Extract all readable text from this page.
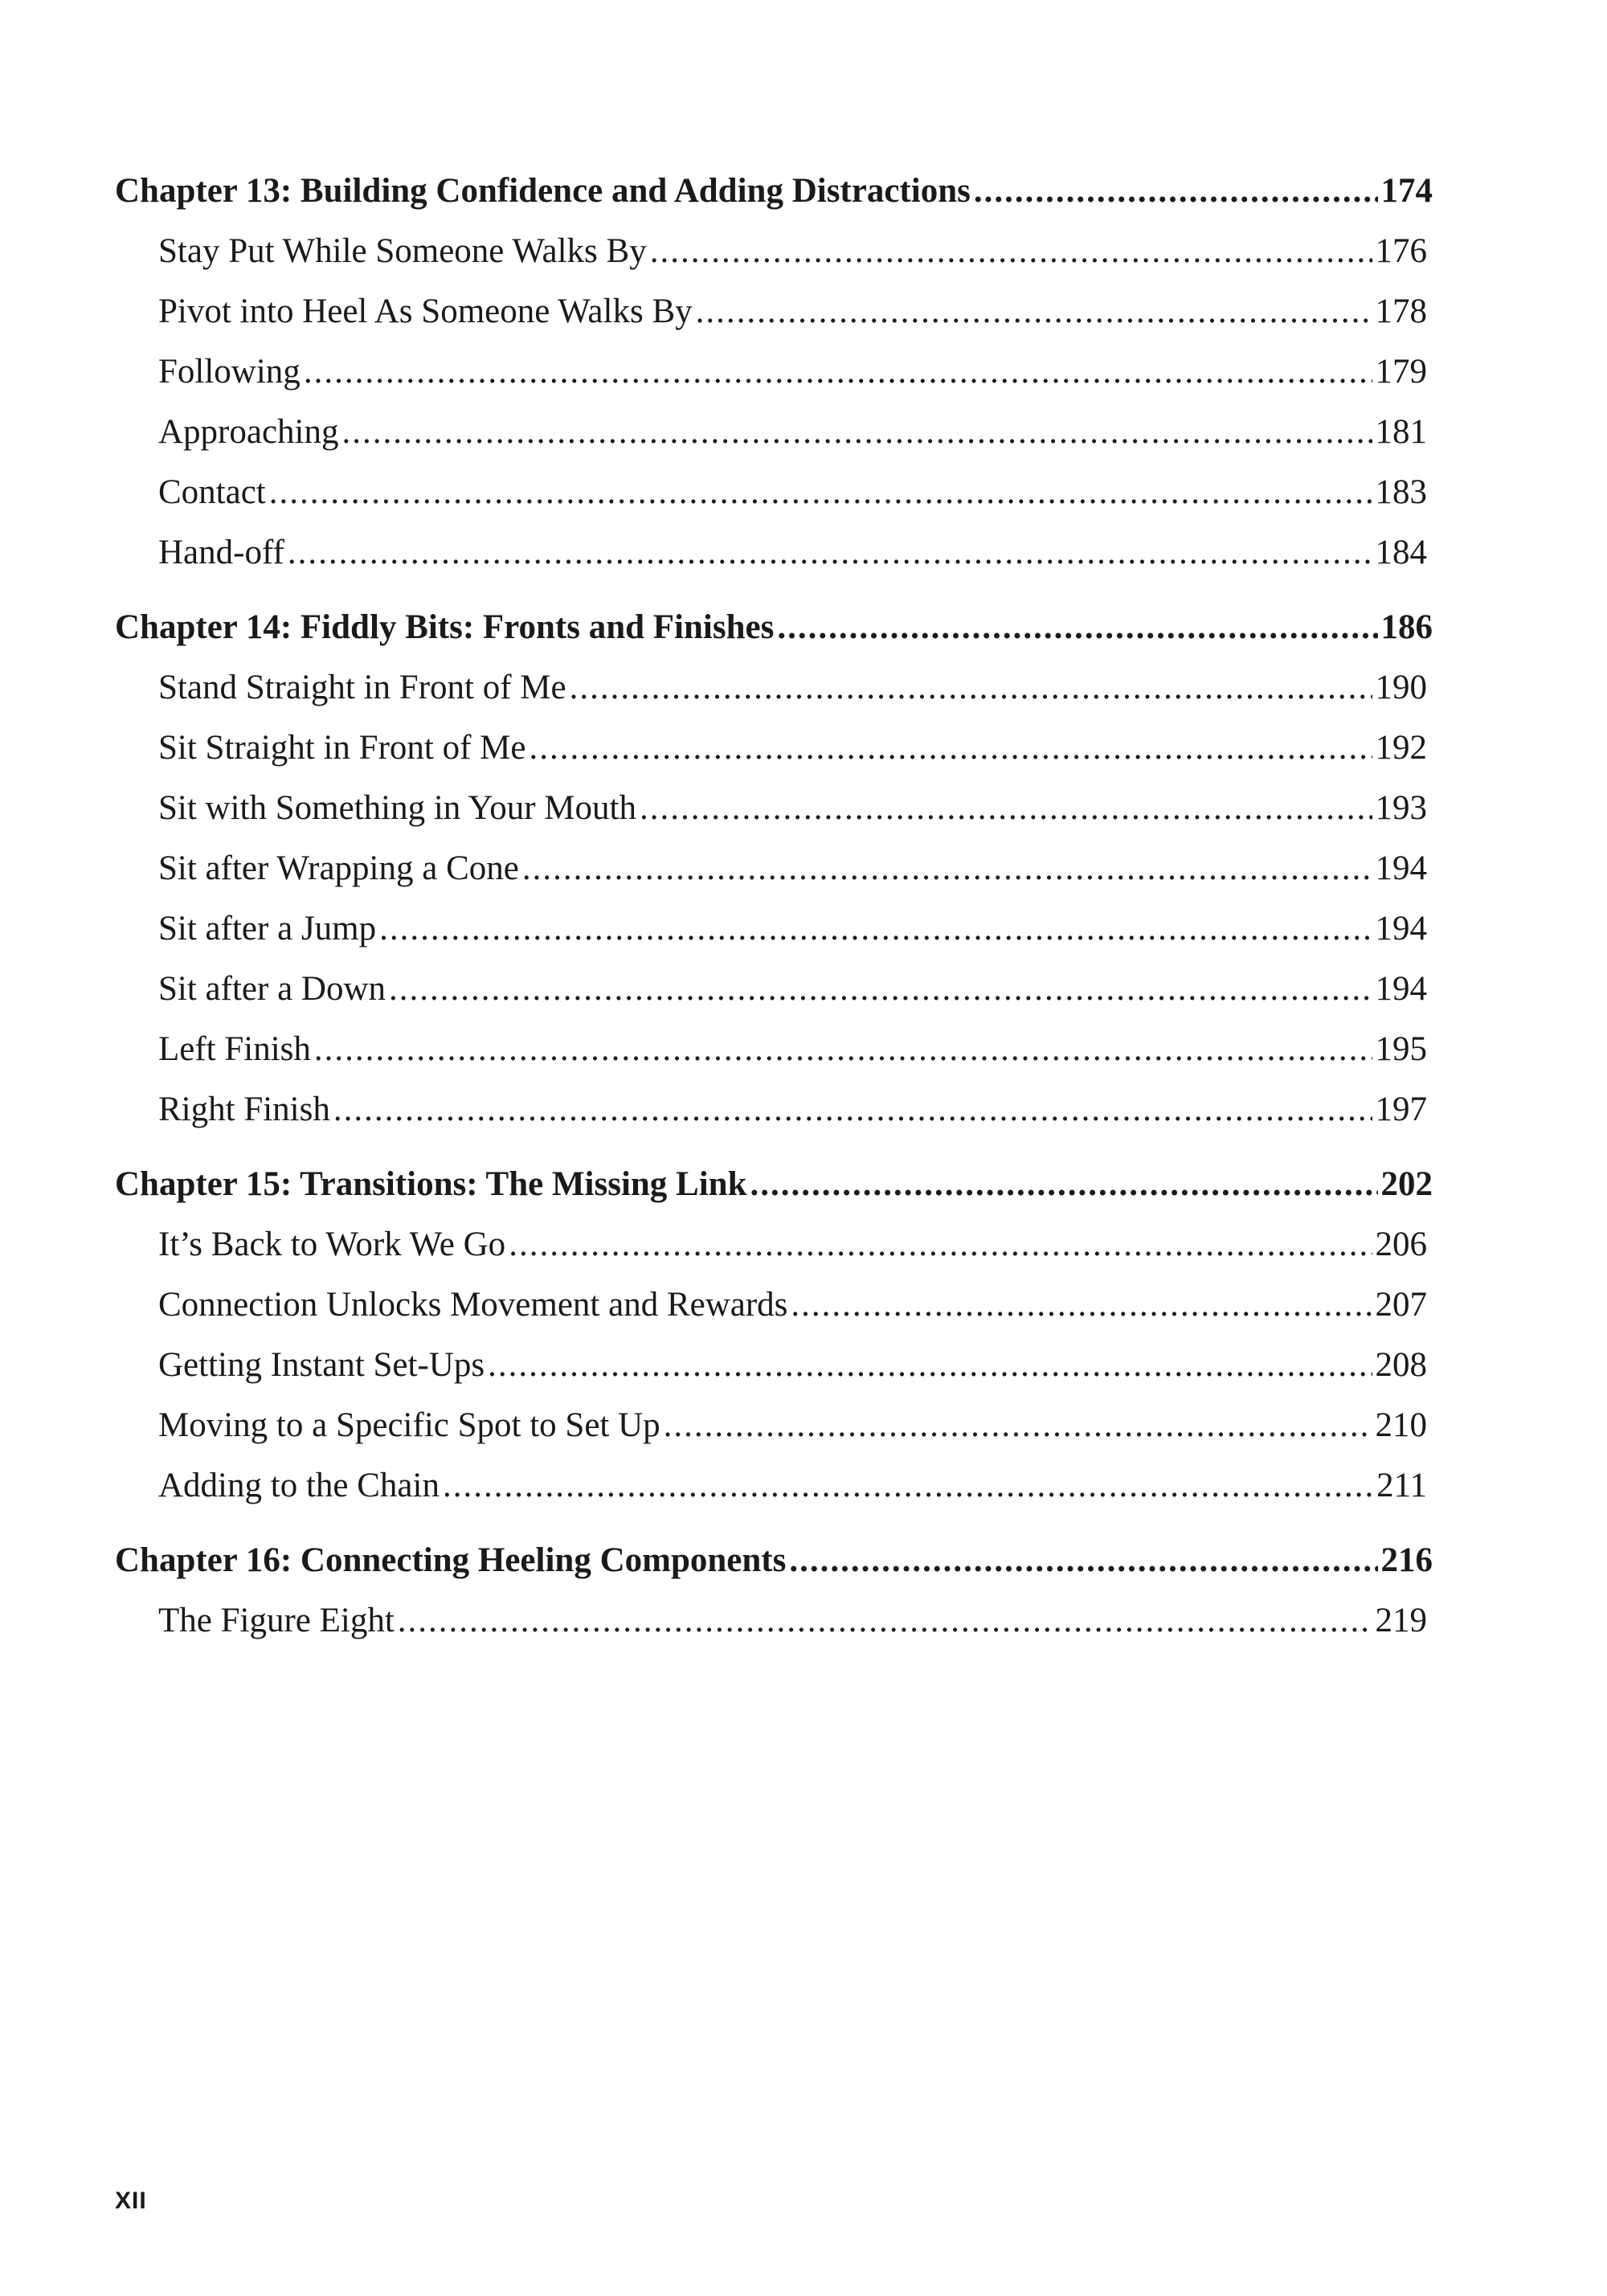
Chapter 13: Building Confidence and Adding Distractions .....	174
Stay Put While Someone Walks By .....	176
Pivot into Heel As Someone Walks By .....	178
Following .....	179
Approaching .....	181
Contact .....	183
Hand-off .....	184
Chapter 14: Fiddly Bits: Fronts and Finishes .....	186
Stand Straight in Front of Me .....	190
Sit Straight in Front of Me .....	192
Sit with Something in Your Mouth .....	193
Sit after Wrapping a Cone .....	194
Sit after a Jump .....	194
Sit after a Down .....	194
Left Finish .....	195
Right Finish .....	197
Chapter 15: Transitions: The Missing Link .....	202
It’s Back to Work We Go .....	206
Connection Unlocks Movement and Rewards .....	207
Getting Instant Set-Ups .....	208
Moving to a Specific Spot to Set Up .....	210
Adding to the Chain .....	211
Chapter 16: Connecting Heeling Components .....	216
The Figure Eight .....	219
XII
